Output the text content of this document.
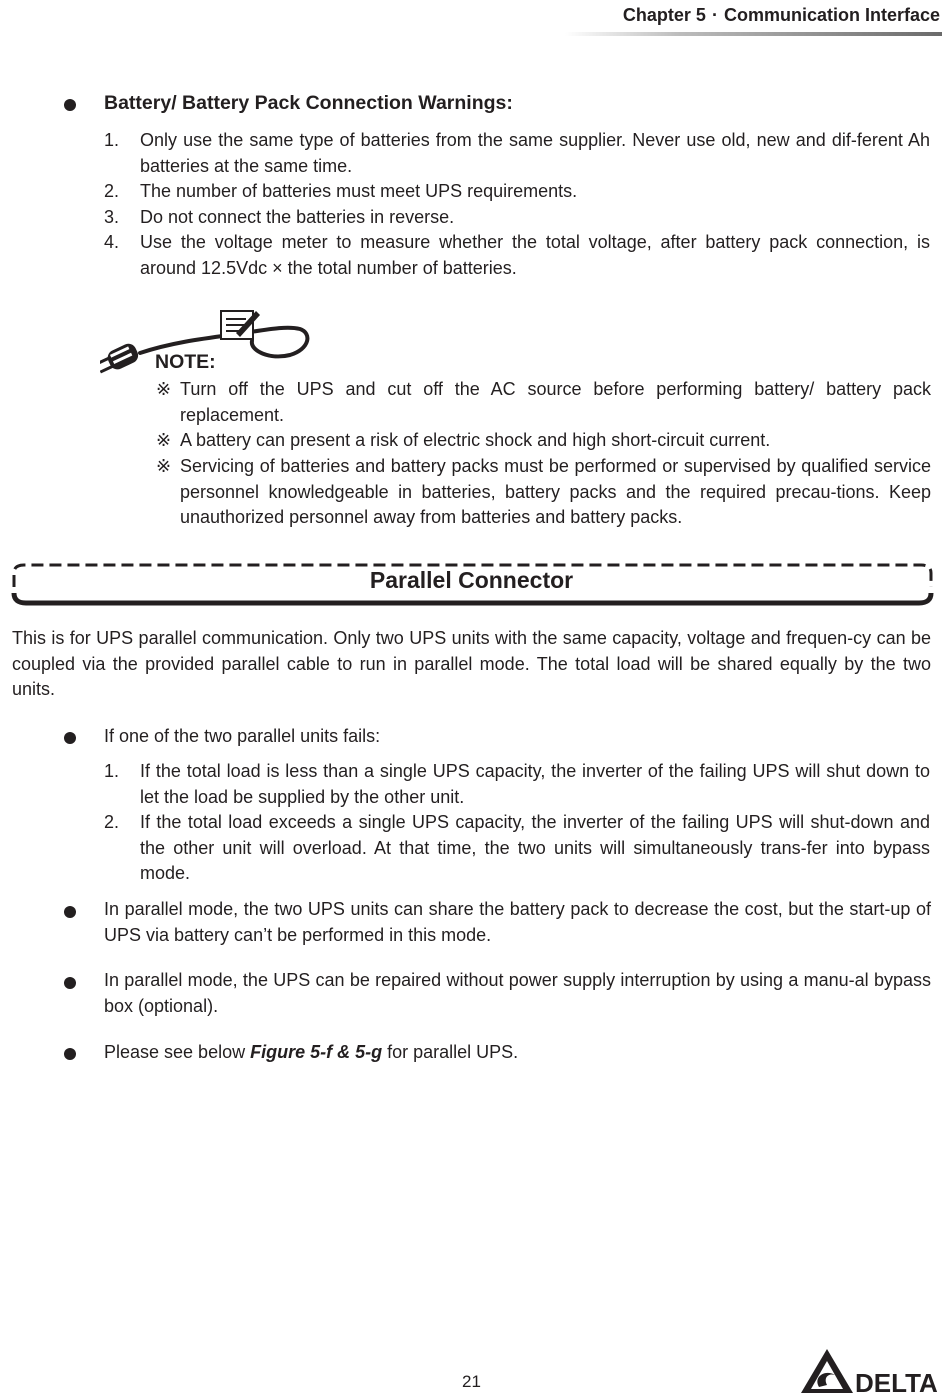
Chapter 5 · Communication Interface
Battery/ Battery Pack Connection Warnings:
1. Only use the same type of batteries from the same supplier. Never use old, new and dif-ferent Ah batteries at the same time.
2. The number of batteries must meet UPS requirements.
3. Do not connect the batteries in reverse.
4. Use the voltage meter to measure whether the total voltage, after battery pack connection, is around 12.5Vdc × the total number of batteries.
NOTE:
※ Turn off the UPS and cut off the AC source before performing battery/ battery pack replacement.
※ A battery can present a risk of electric shock and high short-circuit current.
※ Servicing of batteries and battery packs must be performed or supervised by qualified service personnel knowledgeable in batteries, battery packs and the required precau-tions. Keep unauthorized personnel away from batteries and battery packs.
Parallel Connector
This is for UPS parallel communication. Only two UPS units with the same capacity, voltage and frequen-cy can be coupled via the provided parallel cable to run in parallel mode. The total load will be shared equally by the two units.
If one of the two parallel units fails:
1. If the total load is less than a single UPS capacity, the inverter of the failing UPS will shut down to let the load be supplied by the other unit.
2. If the total load exceeds a single UPS capacity, the inverter of the failing UPS will shut-down and the other unit will overload. At that time, the two units will simultaneously trans-fer into bypass mode.
In parallel mode, the two UPS units can share the battery pack to decrease the cost, but the start-up of UPS via battery can’t be performed in this mode.
In parallel mode, the UPS can be repaired without power supply interruption by using a manu-al bypass box (optional).
Please see below Figure 5-f & 5-g for parallel UPS.
21	DELTA
